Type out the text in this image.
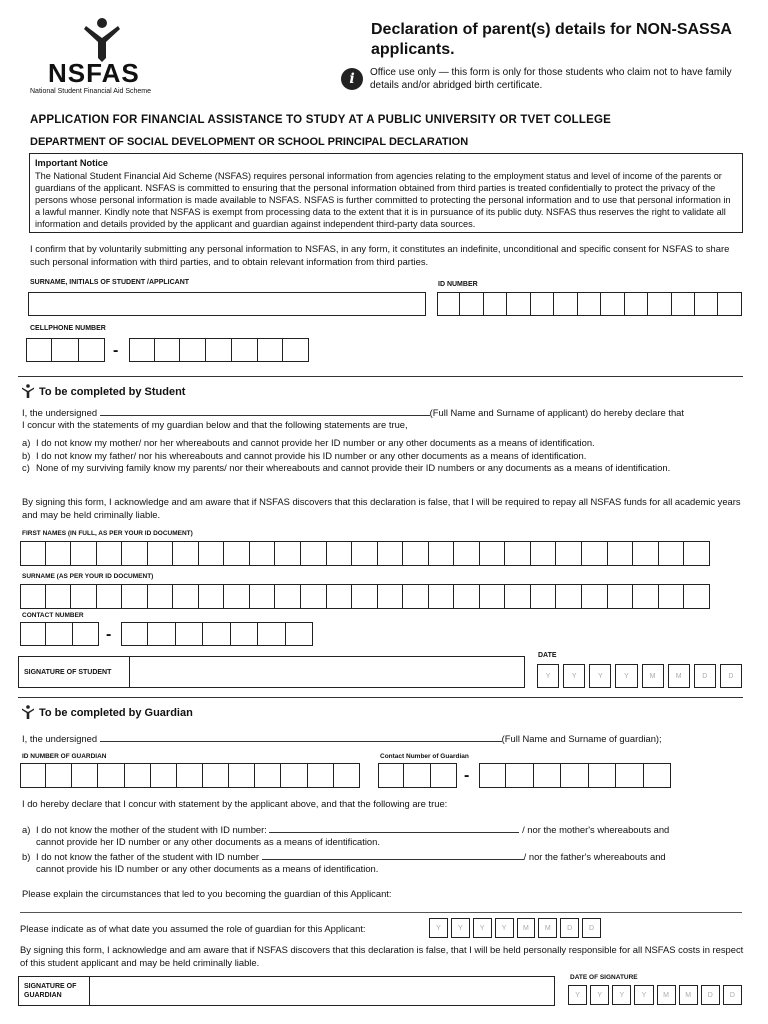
NSFAS
National Student Financial Aid Scheme
Declaration of parent(s) details for NON-SASSA applicants.
i	Office use only — this form is only for those students who claim not to have family details and/or abridged birth certificate.
APPLICATION FOR FINANCIAL ASSISTANCE TO STUDY AT A PUBLIC UNIVERSITY OR TVET COLLEGE
DEPARTMENT OF SOCIAL DEVELOPMENT OR SCHOOL PRINCIPAL DECLARATION
Important Notice
The National Student Financial Aid Scheme (NSFAS) requires personal information from agencies relating to the employment status and level of income of the parents or guardians of the applicant. NSFAS is committed to ensuring that the personal information obtained from third parties is treated confidentially to protect the privacy of the persons whose personal information is made available to NSFAS. NSFAS is further committed to protecting the personal information and to use that personal information in a lawful manner. Kindly note that NSFAS is exempt from processing data to the extent that it is in pursuance of its public duty. NSFAS thus reserves the right to validate all information and details provided by the applicant and guardian against independent third-party data sources.
I confirm that by voluntarily submitting any personal information to NSFAS, in any form, it constitutes an indefinite, unconditional and specific consent for NSFAS to share such personal information with third parties, and to obtain relevant information from third parties.
SURNAME, INITIALS OF STUDENT /APPLICANT	ID NUMBER
CELLPHONE NUMBER
-
To be completed by Student
I, the undersigned	(Full Name and Surname of applicant) do hereby declare that
I concur with the statements of my guardian below and that the following statements are true,
a) I do not know my mother/ nor her whereabouts and cannot provide her ID number or any other documents as a means of identification.
b) I do not know my father/ nor his whereabouts and cannot provide his ID number or any other documents as a means of identification.
c) None of my surviving family know my parents/ nor their whereabouts and cannot provide their ID numbers or any documents as a means of identification.
By signing this form, I acknowledge and am aware that if NSFAS discovers that this declaration is false, that I will be required to repay all NSFAS funds for all academic years and may be held criminally liable.
FIRST NAMES (IN FULL, AS PER YOUR ID DOCUMENT)
SURNAME (AS PER YOUR ID DOCUMENT)
CONTACT NUMBER
-
SIGNATURE OF STUDENT
DATE
Y	Y	Y	Y	M	M	D	D
To be completed by Guardian
I, the undersigned	(Full Name and Surname of guardian);
ID NUMBER OF GUARDIAN	Contact Number of Guardian
-
I do hereby declare that I concur with statement by the applicant above, and that the following are true:
a) I do not know the mother of the student with ID number:	/ nor the mother's whereabouts and
cannot provide her ID number or any other documents as a means of identification.
b) I do not know the father of the student with ID number	/ nor the father's whereabouts and
cannot provide his ID number or any other documents as a means of identification.
Please explain the circumstances that led to you becoming the guardian of this Applicant:
Please indicate as of what date you assumed the role of guardian for this Applicant:	Y	Y	Y	Y	M	M	D	D
By signing this form, I acknowledge and am aware that if NSFAS discovers that this declaration is false, that I will be held personally responsible for all NSFAS costs in respect of this student applicant and may be held criminally liable.
SIGNATURE OF GUARDIAN
DATE OF SIGNATURE
Y	Y	Y	Y	M	M	D	D
